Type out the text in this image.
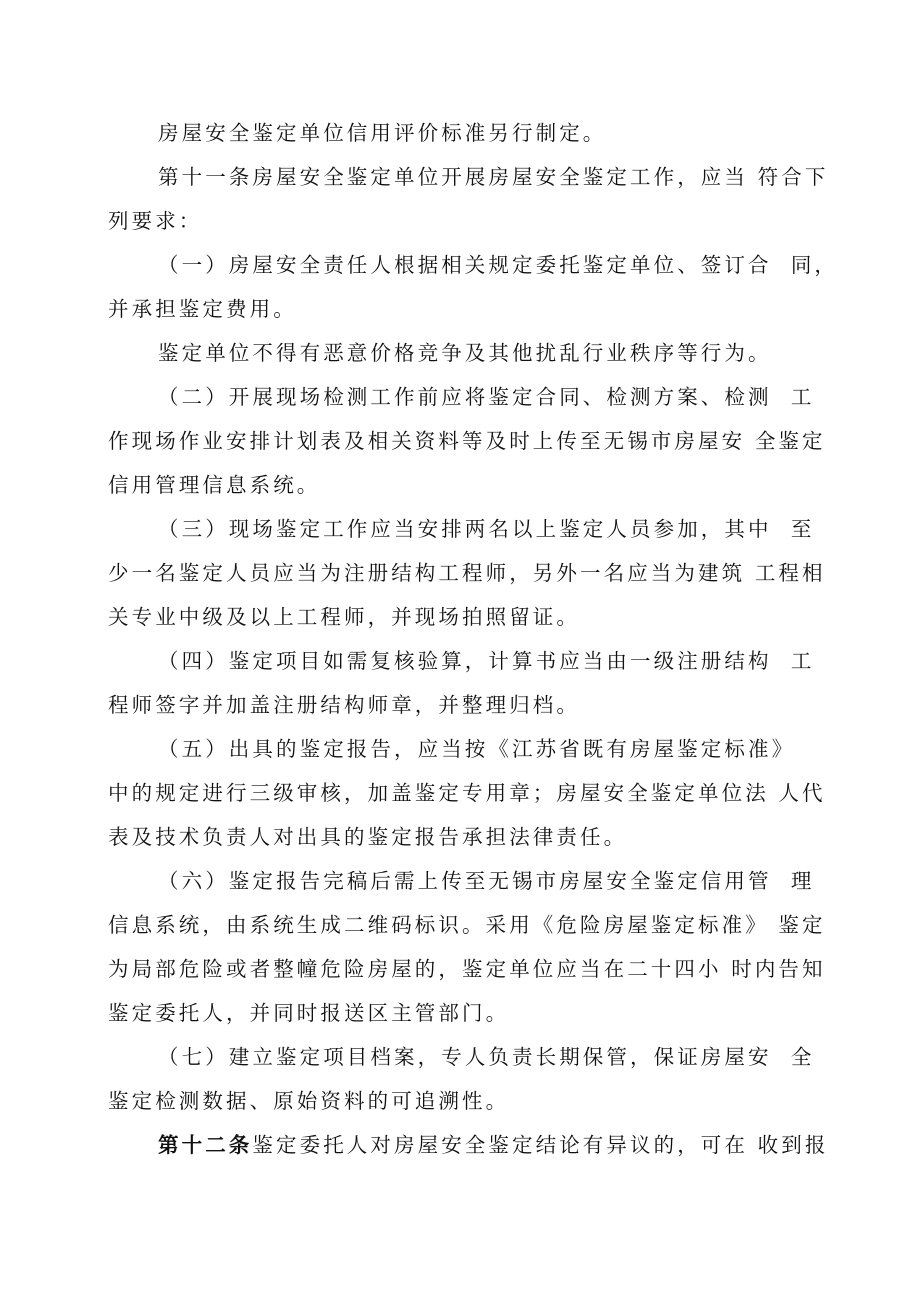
房屋安全鉴定单位信用评价标准另行制定。
第十一条房屋安全鉴定单位开展房屋安全鉴定工作，应当 符合下
列要求：
（一）房屋安全责任人根据相关规定委托鉴定单位、签订合  同，
并承担鉴定费用。
鉴定单位不得有恶意价格竞争及其他扰乱行业秩序等行为。
（二）开展现场检测工作前应将鉴定合同、检测方案、检测  工
作现场作业安排计划表及相关资料等及时上传至无锡市房屋安 全鉴定
信用管理信息系统。
（三）现场鉴定工作应当安排两名以上鉴定人员参加，其中  至
少一名鉴定人员应当为注册结构工程师，另外一名应当为建筑 工程相
关专业中级及以上工程师，并现场拍照留证。
（四）鉴定项目如需复核验算，计算书应当由一级注册结构  工
程师签字并加盖注册结构师章，并整理归档。
（五）出具的鉴定报告，应当按《江苏省既有房屋鉴定标准》
中的规定进行三级审核，加盖鉴定专用章；房屋安全鉴定单位法 人代
表及技术负责人对出具的鉴定报告承担法律责任。
（六）鉴定报告完稿后需上传至无锡市房屋安全鉴定信用管  理
信息系统，由系统生成二维码标识。采用《危险房屋鉴定标准》 鉴定
为局部危险或者整幢危险房屋的，鉴定单位应当在二十四小 时内告知
鉴定委托人，并同时报送区主管部门。
（七）建立鉴定项目档案，专人负责长期保管，保证房屋安  全
鉴定检测数据、原始资料的可追溯性。
第十二条鉴定委托人对房屋安全鉴定结论有异议的，可在 收到报
